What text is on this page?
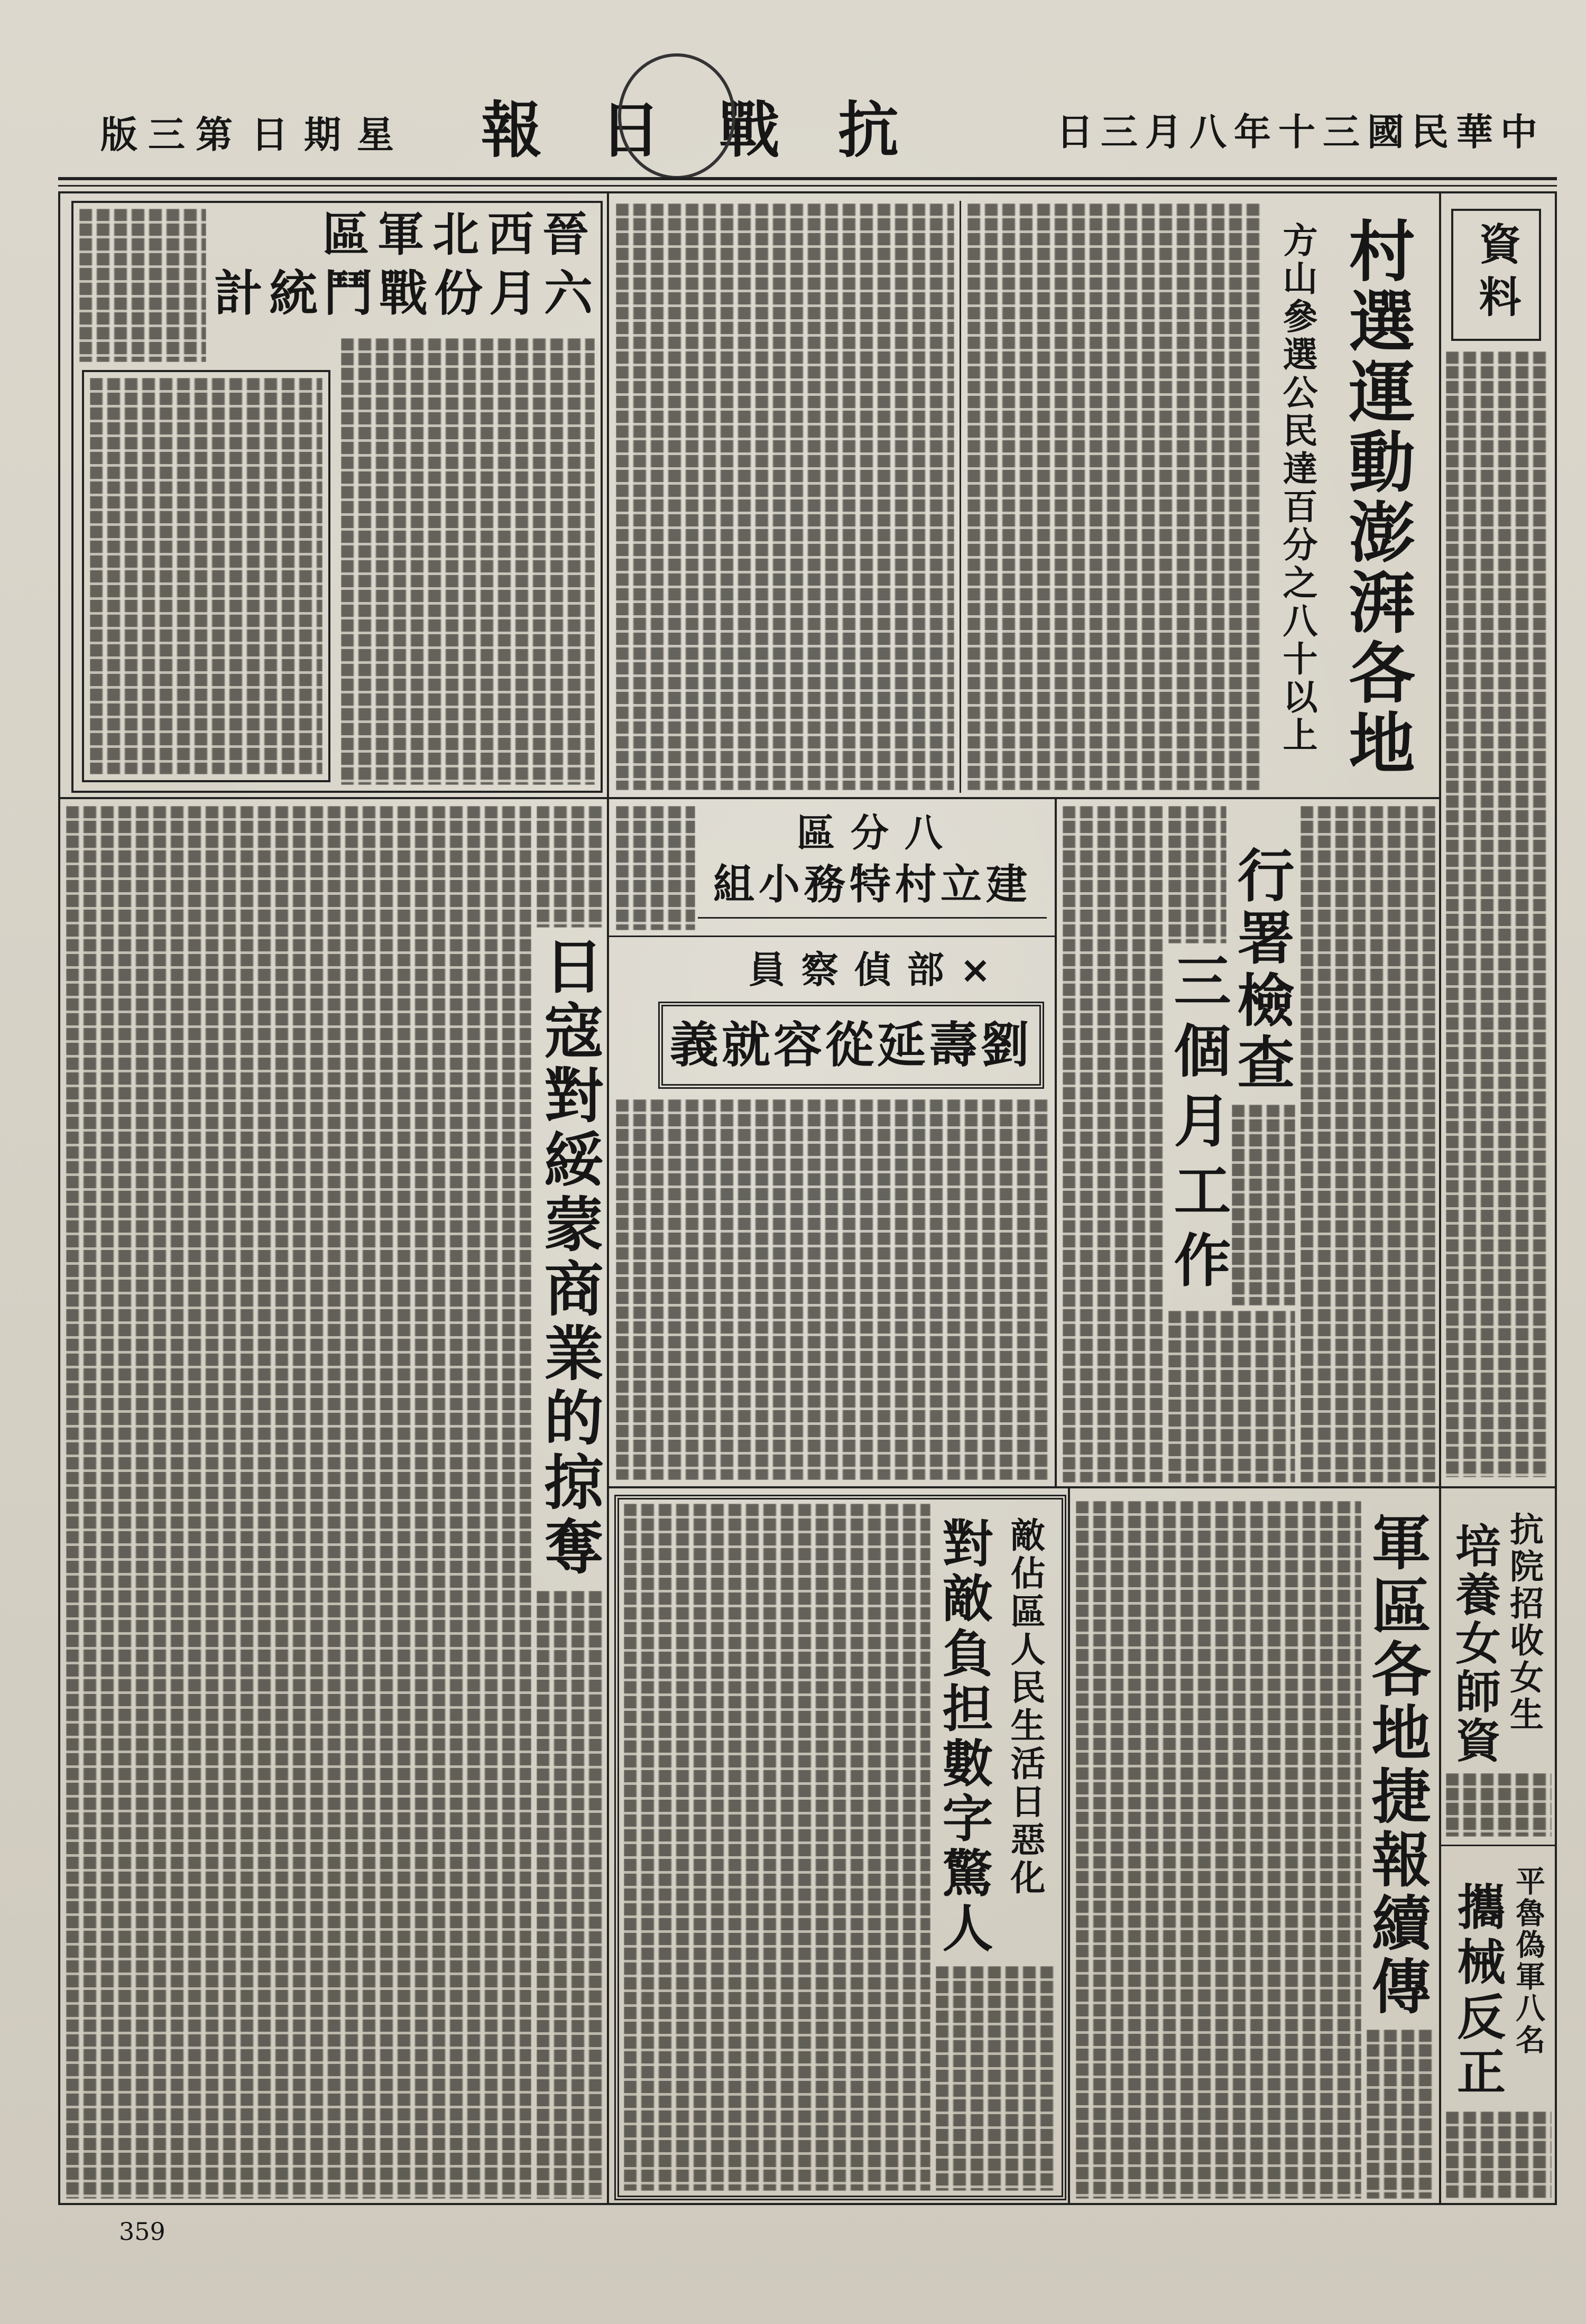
中華民國三十年八月三日
抗戰日報
星期日
第三版
晉西北軍區
六月份戰鬥統計	方山參選公民達百分之八十以上 村選運動澎湃各地 資料
八分區
建立村特務小組
×部偵察員
劉壽延從容就義	行署檢查
三個月工作
日寇對綏蒙商業的掠奪
對敵負担數字驚人 敵佔區人民生活日惡化	軍區各地捷報續傳 抗院招收女生
培養女師資
平魯偽軍八名
攜械反正
359
